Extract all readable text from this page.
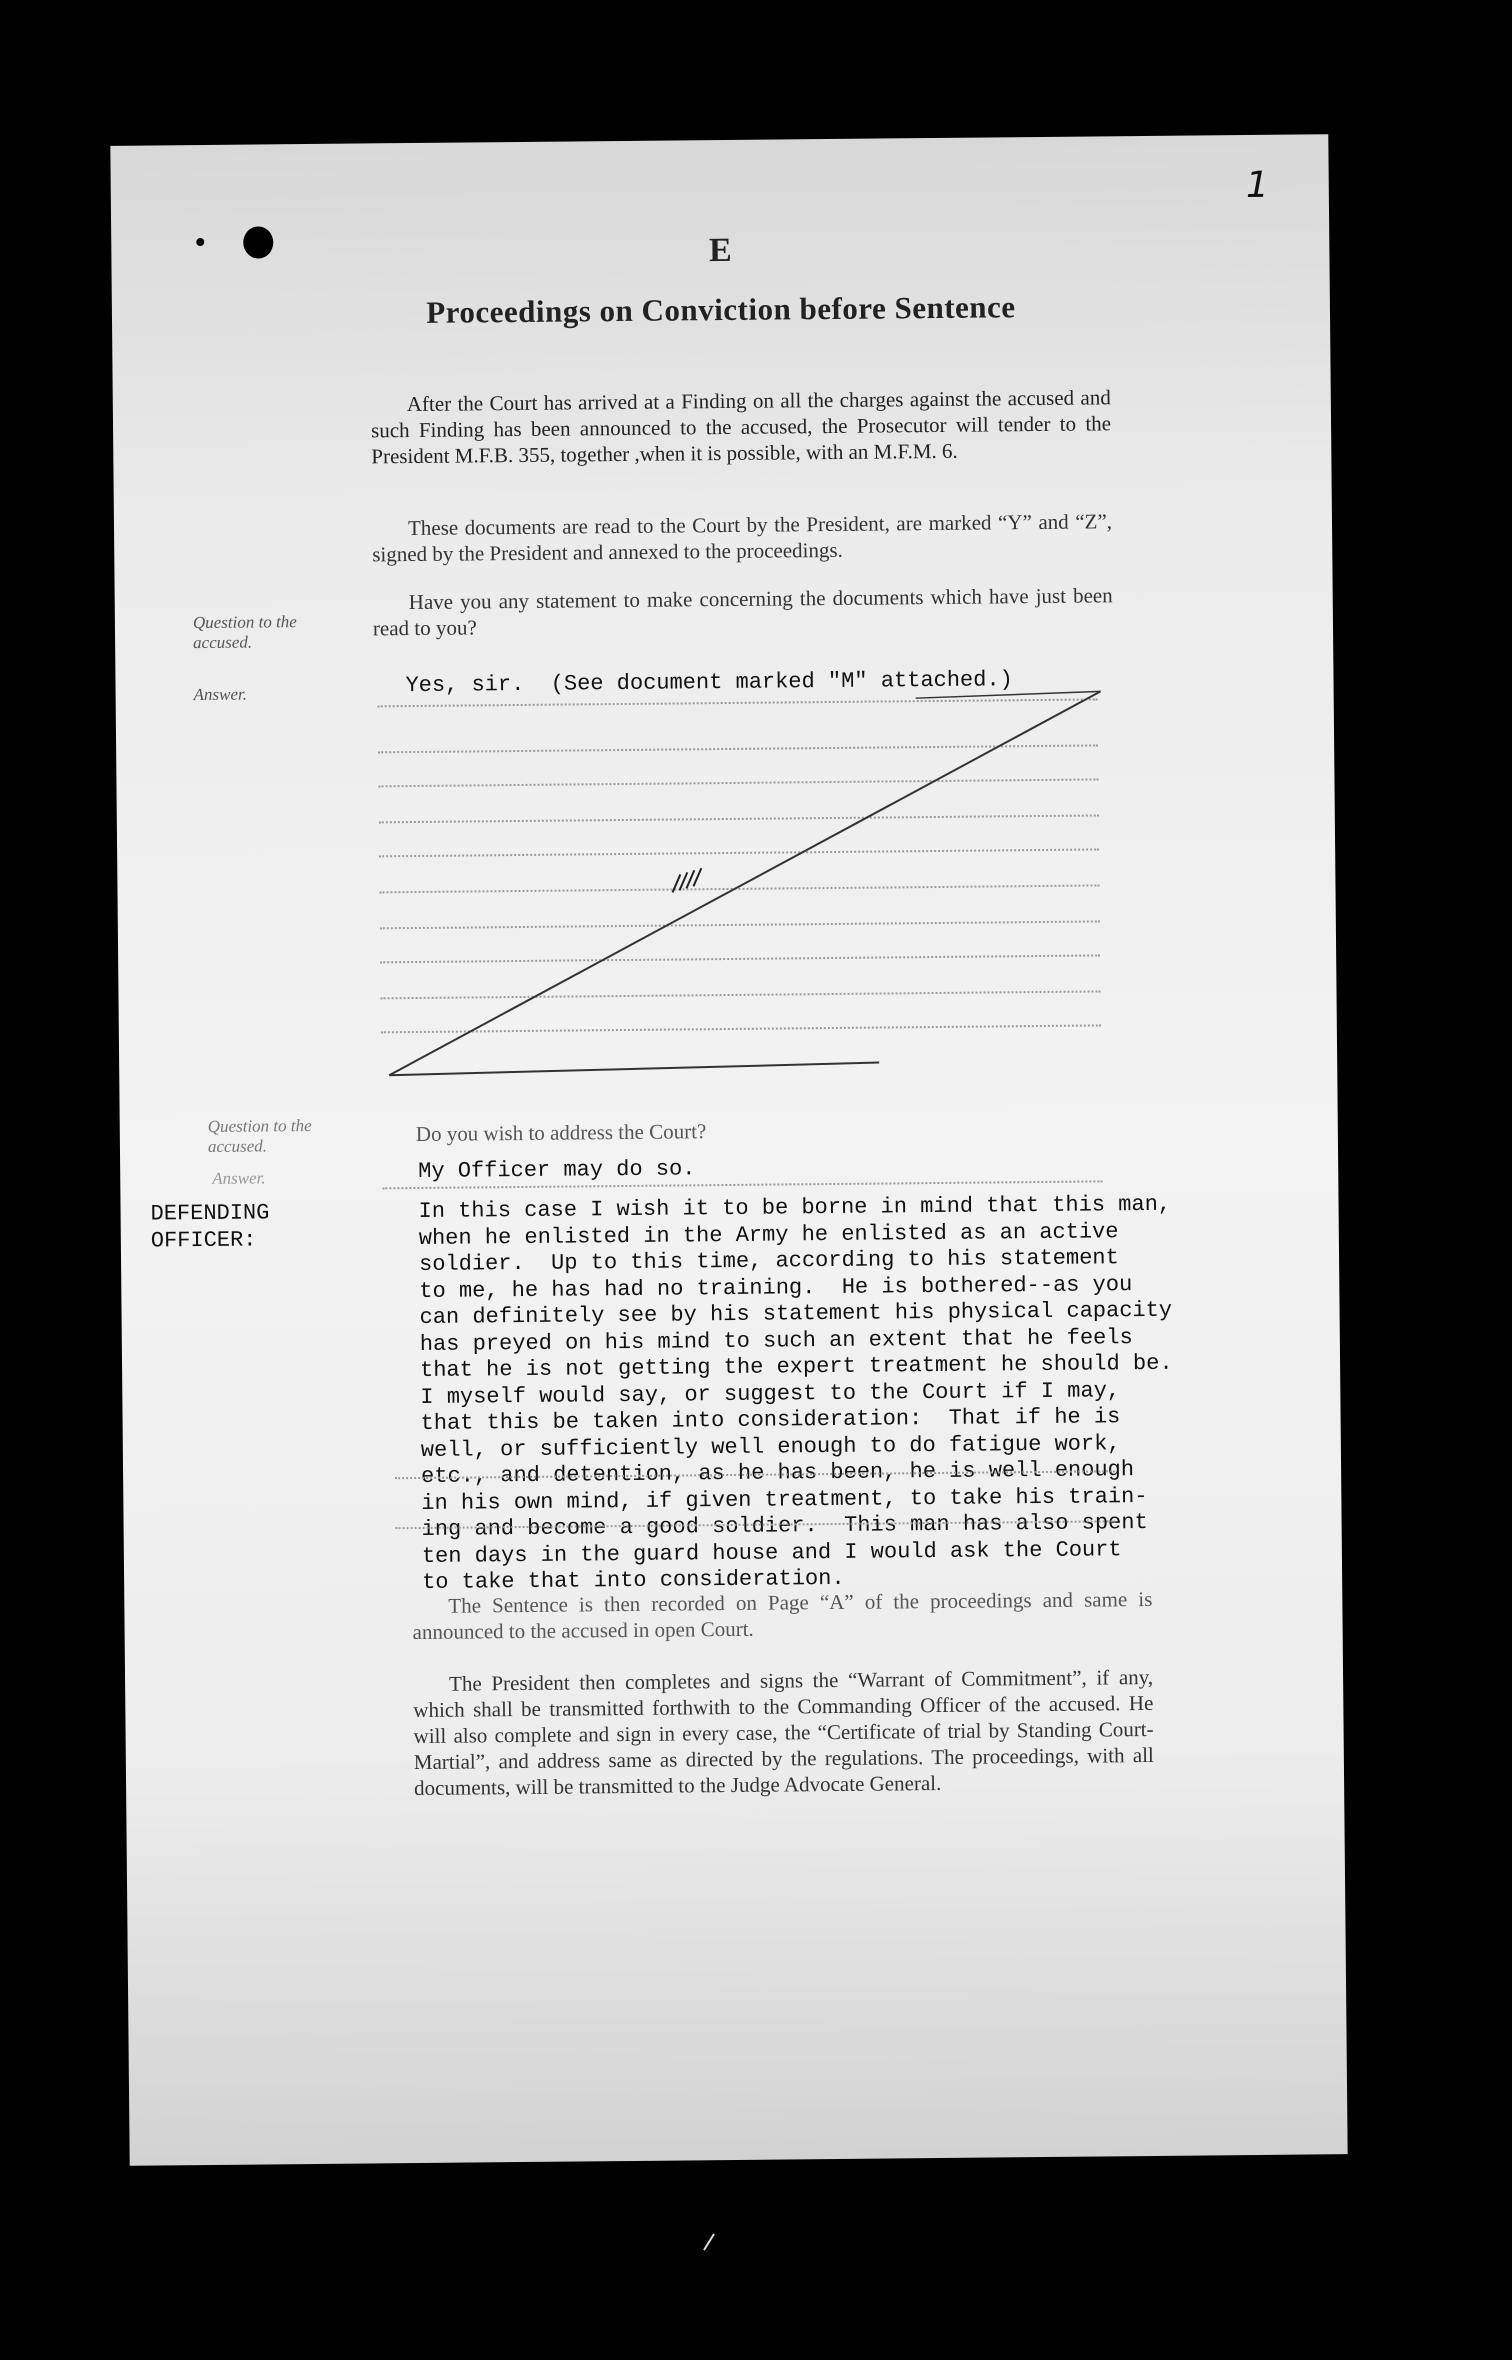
1
E
Proceedings on Conviction before Sentence
After the Court has arrived at a Finding on all the charges against the accused and such Finding has been announced to the accused, the Prosecutor will tender to the President M.F.B. 355, together ,when it is possible, with an M.F.M. 6.
These documents are read to the Court by the President, are marked “Y” and “Z”, signed by the President and annexed to the proceedings.
Question to the accused.
Have you any statement to make concerning the documents which have just been read to you?
Answer.	Yes, sir.  (See document marked "M" attached.)
Question to the accused.
Do you wish to address the Court?
Answer.	My Officer may do so.
DEFENDING OFFICER:
In this case I wish it to be borne in mind that this man,
when he enlisted in the Army he enlisted as an active
soldier.  Up to this time, according to his statement
to me, he has had no training.  He is bothered--as you
can definitely see by his statement his physical capacity
has preyed on his mind to such an extent that he feels
that he is not getting the expert treatment he should be.
I myself would say, or suggest to the Court if I may,
that this be taken into consideration:  That if he is
well, or sufficiently well enough to do fatigue work,
etc., and detention, as he has been, he is well enough
in his own mind, if given treatment, to take his train-
ing and become a good soldier.  This man has also spent
ten days in the guard house and I would ask the Court
to take that into consideration.
The Sentence is then recorded on Page “A” of the proceedings and same is announced to the accused in open Court.
The President then completes and signs the “Warrant of Commitment”, if any, which shall be transmitted forthwith to the Commanding Officer of the accused. He will also complete and sign in every case, the “Certificate of trial by Standing Court-Martial”, and address same as directed by the regulations. The proceedings, with all documents, will be transmitted to the Judge Advocate General.
